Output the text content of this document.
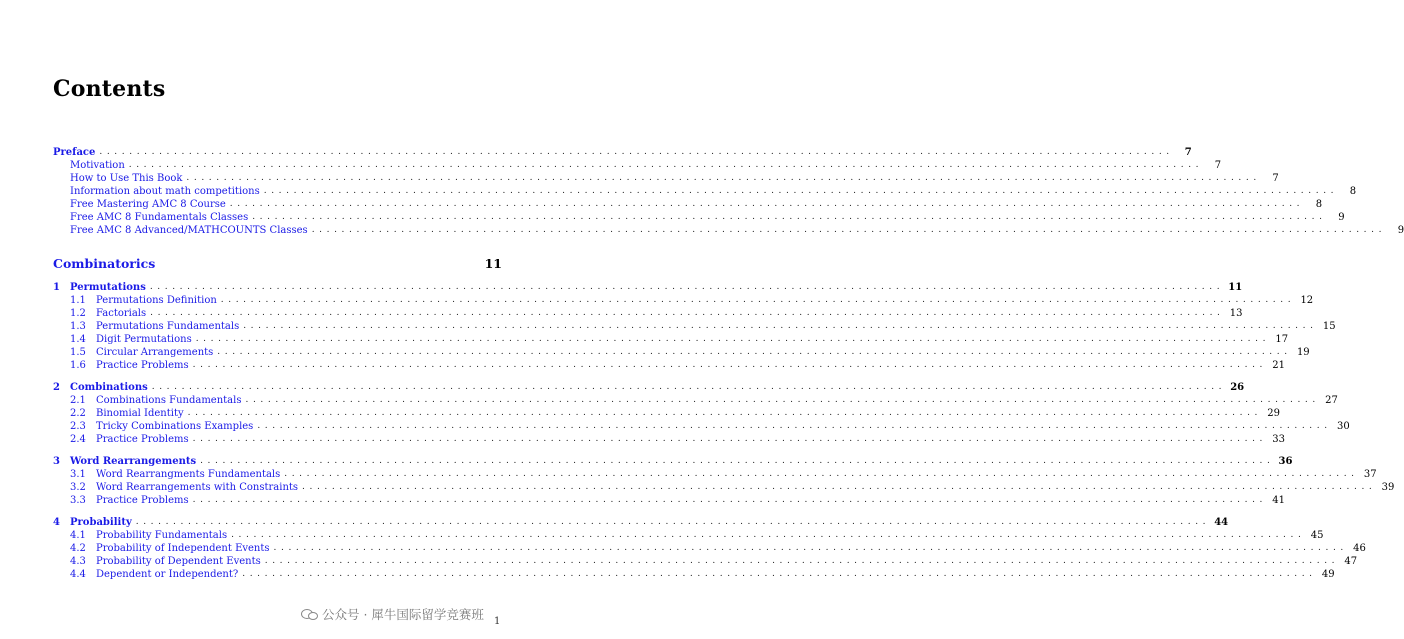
Contents
Preface ................................................................................................................................................	7
Motivation ................................................................................................................................................	7
How to Use This Book ................................................................................................................................................	7
Information about math competitions ................................................................................................................................................	8
Free Mastering AMC 8 Course ................................................................................................................................................	8
Free AMC 8 Fundamentals Classes ................................................................................................................................................	9
Free AMC 8 Advanced/MATHCOUNTS Classes ................................................................................................................................................	9
Combinatorics	11
1	Permutations ................................................................................................................................................ 11
1.1	Permutations Definition ................................................................................................................................................ 12
1.2	Factorials ................................................................................................................................................ 13
1.3	Permutations Fundamentals ................................................................................................................................................ 15
1.4	Digit Permutations ................................................................................................................................................ 17
1.5	Circular Arrangements ................................................................................................................................................ 19
1.6	Practice Problems ................................................................................................................................................ 21
2	Combinations ................................................................................................................................................ 26
2.1	Combinations Fundamentals ................................................................................................................................................ 27
2.2	Binomial Identity ................................................................................................................................................ 29
2.3	Tricky Combinations Examples ................................................................................................................................................ 30
2.4	Practice Problems ................................................................................................................................................ 33
3	Word Rearrangements ................................................................................................................................................ 36
3.1	Word Rearrangments Fundamentals ................................................................................................................................................ 37
3.2	Word Rearrangements with Constraints ................................................................................................................................................ 39
3.3	Practice Problems ................................................................................................................................................ 41
4	Probability ................................................................................................................................................ 44
4.1	Probability Fundamentals ................................................................................................................................................ 45
4.2	Probability of Independent Events ................................................................................................................................................ 46
4.3	Probability of Dependent Events ................................................................................................................................................ 47
4.4	Dependent or Independent? ................................................................................................................................................ 49
公众号 · 犀牛国际留学竞赛班 1
